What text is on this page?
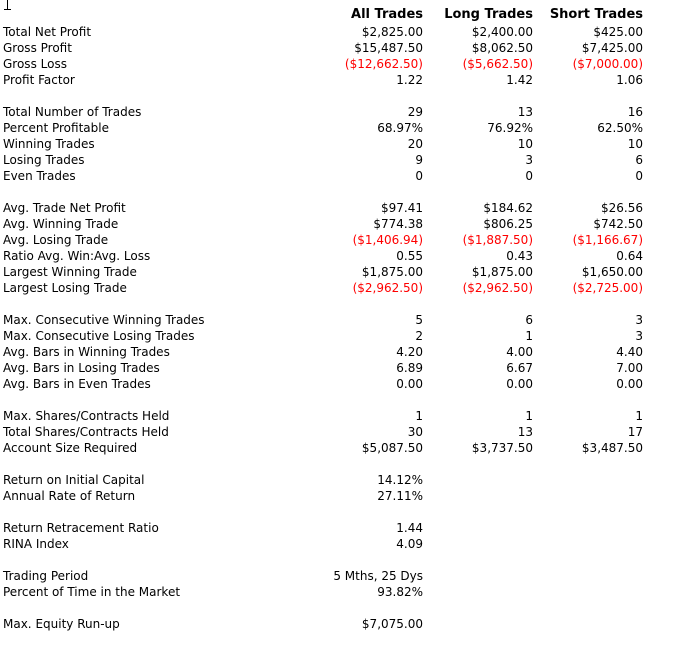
All Trades Long Trades Short Trades
Total Net Profit	$2,825.00	$2,400.00	$425.00
Gross Profit	$15,487.50	$8,062.50	$7,425.00
Gross Loss	($12,662.50)	($5,662.50)	($7,000.00)
Profit Factor	1.22	1.42	1.06
Total Number of Trades	29	13	16
Percent Profitable	68.97%	76.92%	62.50%
Winning Trades	20	10	10
Losing Trades	9	3	6
Even Trades	0	0	0
Avg. Trade Net Profit	$97.41	$184.62	$26.56
Avg. Winning Trade	$774.38	$806.25	$742.50
Avg. Losing Trade	($1,406.94)	($1,887.50)	($1,166.67)
Ratio Avg. Win:Avg. Loss	0.55	0.43	0.64
Largest Winning Trade	$1,875.00	$1,875.00	$1,650.00
Largest Losing Trade	($2,962.50)	($2,962.50)	($2,725.00)
Max. Consecutive Winning Trades	5	6	3
Max. Consecutive Losing Trades	2	1	3
Avg. Bars in Winning Trades	4.20	4.00	4.40
Avg. Bars in Losing Trades	6.89	6.67	7.00
Avg. Bars in Even Trades	0.00	0.00	0.00
Max. Shares/Contracts Held	1	1	1
Total Shares/Contracts Held	30	13	17
Account Size Required	$5,087.50	$3,737.50	$3,487.50
Return on Initial Capital	14.12%
Annual Rate of Return	27.11%
Return Retracement Ratio	1.44
RINA Index	4.09
Trading Period	5 Mths, 25 Dys
Percent of Time in the Market	93.82%
Max. Equity Run-up	$7,075.00
